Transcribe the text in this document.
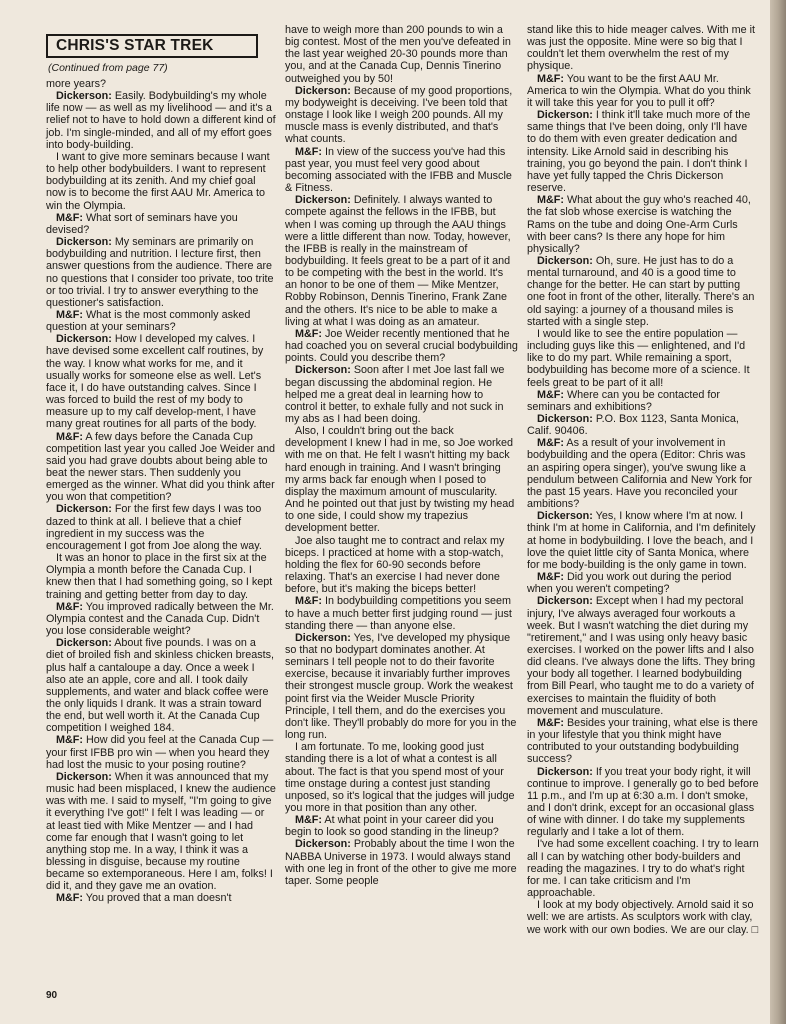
CHRIS'S STAR TREK
(Continued from page 77)

more years?

Dickerson: Easily. Bodybuilding's my whole life now — as well as my livelihood — and it's a relief not to have to hold down a different kind of job. I'm single-minded, and all of my effort goes into body-building.

I want to give more seminars because I want to help other bodybuilders. I want to represent bodybuilding at its zenith. And my chief goal now is to become the first AAU Mr. America to win the Olympia.

M&F: What sort of seminars have you devised?

Dickerson: My seminars are primarily on bodybuilding and nutrition. I lecture first, then answer questions from the audience. There are no questions that I consider too private, too trite or too trivial. I try to answer everything to the questioner's satisfaction.

M&F: What is the most commonly asked question at your seminars?

Dickerson: How I developed my calves. I have devised some excellent calf routines, by the way. I know what works for me, and it usually works for someone else as well. Let's face it, I do have outstanding calves. Since I was forced to build the rest of my body to measure up to my calf develop-ment, I have many great routines for all parts of the body.

M&F: A few days before the Canada Cup competition last year you called Joe Weider and said you had grave doubts about being able to beat the newer stars. Then suddenly you emerged as the winner. What did you think after you won that competition?

Dickerson: For the first few days I was too dazed to think at all. I believe that a chief ingredient in my success was the encouragement I got from Joe along the way.

It was an honor to place in the first six at the Olympia a month before the Canada Cup. I knew then that I had something going, so I kept training and getting better from day to day.

M&F: You improved radically between the Mr. Olympia contest and the Canada Cup. Didn't you lose considerable weight?

Dickerson: About five pounds. I was on a diet of broiled fish and skinless chicken breasts, plus half a cantaloupe a day. Once a week I also ate an apple, core and all. I took daily supplements, and water and black coffee were the only liquids I drank. It was a strain toward the end, but well worth it. At the Canada Cup competition I weighed 184.

M&F: How did you feel at the Canada Cup — your first IFBB pro win — when you heard they had lost the music to your posing routine?

Dickerson: When it was announced that my music had been misplaced, I knew the audience was with me. I said to myself, "I'm going to give it everything I've got!" I felt I was leading — or at least tied with Mike Mentzer — and I had come far enough that I wasn't going to let anything stop me. In a way, I think it was a blessing in disguise, because my routine became so extemporaneous. Here I am, folks! I did it, and they gave me an ovation.

M&F: You proved that a man doesn't

have to weigh more than 200 pounds to win a big contest. Most of the men you've defeated in the last year weighed 20-30 pounds more than you, and at the Canada Cup, Dennis Tinerino outweighed you by 50!

Dickerson: Because of my good proportions, my bodyweight is deceiving. I've been told that onstage I look like I weigh 200 pounds. All my muscle mass is evenly distributed, and that's what counts.

M&F: In view of the success you've had this past year, you must feel very good about becoming associated with the IFBB and Muscle & Fitness.

Dickerson: Definitely. I always wanted to compete against the fellows in the IFBB, but when I was coming up through the AAU things were a little different than now. Today, however, the IFBB is really in the mainstream of bodybuilding. It feels great to be a part of it and to be competing with the best in the world. It's an honor to be one of them — Mike Mentzer, Robby Robinson, Dennis Tinerino, Frank Zane and the others. It's nice to be able to make a living at what I was doing as an amateur.

M&F: Joe Weider recently mentioned that he had coached you on several crucial bodybuilding points. Could you describe them?

Dickerson: Soon after I met Joe last fall we began discussing the abdominal region. He helped me a great deal in learning how to control it better, to exhale fully and not suck in my abs as I had been doing.

Also, I couldn't bring out the back development I knew I had in me, so Joe worked with me on that. He felt I wasn't hitting my back hard enough in training. And I wasn't bringing my arms back far enough when I posed to display the maximum amount of muscularity. And he pointed out that just by twisting my head to one side, I could show my trapezius development better.

Joe also taught me to contract and relax my biceps. I practiced at home with a stop-watch, holding the flex for 60-90 seconds before relaxing. That's an exercise I had never done before, but it's making the biceps better!

M&F: In bodybuilding competitions you seem to have a much better first judging round — just standing there — than anyone else.

Dickerson: Yes, I've developed my physique so that no bodypart dominates another. At seminars I tell people not to do their favorite exercise, because it invariably further improves their strongest muscle group. Work the weakest point first via the Weider Muscle Priority Principle, I tell them, and do the exercises you don't like. They'll probably do more for you in the long run.

I am fortunate. To me, looking good just standing there is a lot of what a contest is all about. The fact is that you spend most of your time onstage during a contest just standing unposed, so it's logical that the judges will judge you more in that position than any other.

M&F: At what point in your career did you begin to look so good standing in the lineup?

Dickerson: Probably about the time I won the NABBA Universe in 1973. I would always stand with one leg in front of the other to give me more taper. Some people

stand like this to hide meager calves. With me it was just the opposite. Mine were so big that I couldn't let them overwhelm the rest of my physique.

M&F: You want to be the first AAU Mr. America to win the Olympia. What do you think it will take this year for you to pull it off?

Dickerson: I think it'll take much more of the same things that I've been doing, only I'll have to do them with even greater dedication and intensity. Like Arnold said in describing his training, you go beyond the pain. I don't think I have yet fully tapped the Chris Dickerson reserve.

M&F: What about the guy who's reached 40, the fat slob whose exercise is watching the Rams on the tube and doing One-Arm Curls with beer cans? Is there any hope for him physically?

Dickerson: Oh, sure. He just has to do a mental turnaround, and 40 is a good time to change for the better. He can start by putting one foot in front of the other, literally. There's an old saying: a journey of a thousand miles is started with a single step.

I would like to see the entire population — including guys like this — enlightened, and I'd like to do my part. While remaining a sport, bodybuilding has become more of a science. It feels great to be part of it all!

M&F: Where can you be contacted for seminars and exhibitions?

Dickerson: P.O. Box 1123, Santa Monica, Calif. 90406.

M&F: As a result of your involvement in bodybuilding and the opera (Editor: Chris was an aspiring opera singer), you've swung like a pendulum between California and New York for the past 15 years. Have you reconciled your ambitions?

Dickerson: Yes, I know where I'm at now. I think I'm at home in California, and I'm definitely at home in bodybuilding. I love the beach, and I love the quiet little city of Santa Monica, where for me body-building is the only game in town.

M&F: Did you work out during the period when you weren't competing?

Dickerson: Except when I had my pectoral injury, I've always averaged four workouts a week. But I wasn't watching the diet during my "retirement," and I was using only heavy basic exercises. I worked on the power lifts and I also did cleans. I've always done the lifts. They bring your body all together. I learned bodybuilding from Bill Pearl, who taught me to do a variety of exercises to maintain the fluidity of both movement and musculature.

M&F: Besides your training, what else is there in your lifestyle that you think might have contributed to your outstanding bodybuilding success?

Dickerson: If you treat your body right, it will continue to improve. I generally go to bed before 11 p.m., and I'm up at 6:30 a.m. I don't smoke, and I don't drink, except for an occasional glass of wine with dinner. I do take my supplements regularly and I take a lot of them.

I've had some excellent coaching. I try to learn all I can by watching other body-builders and reading the magazines. I try to do what's right for me. I can take criticism and I'm approachable.

I look at my body objectively. Arnold said it so well: we are artists. As sculptors work with clay, we work with our own bodies. We are our clay. □

90
